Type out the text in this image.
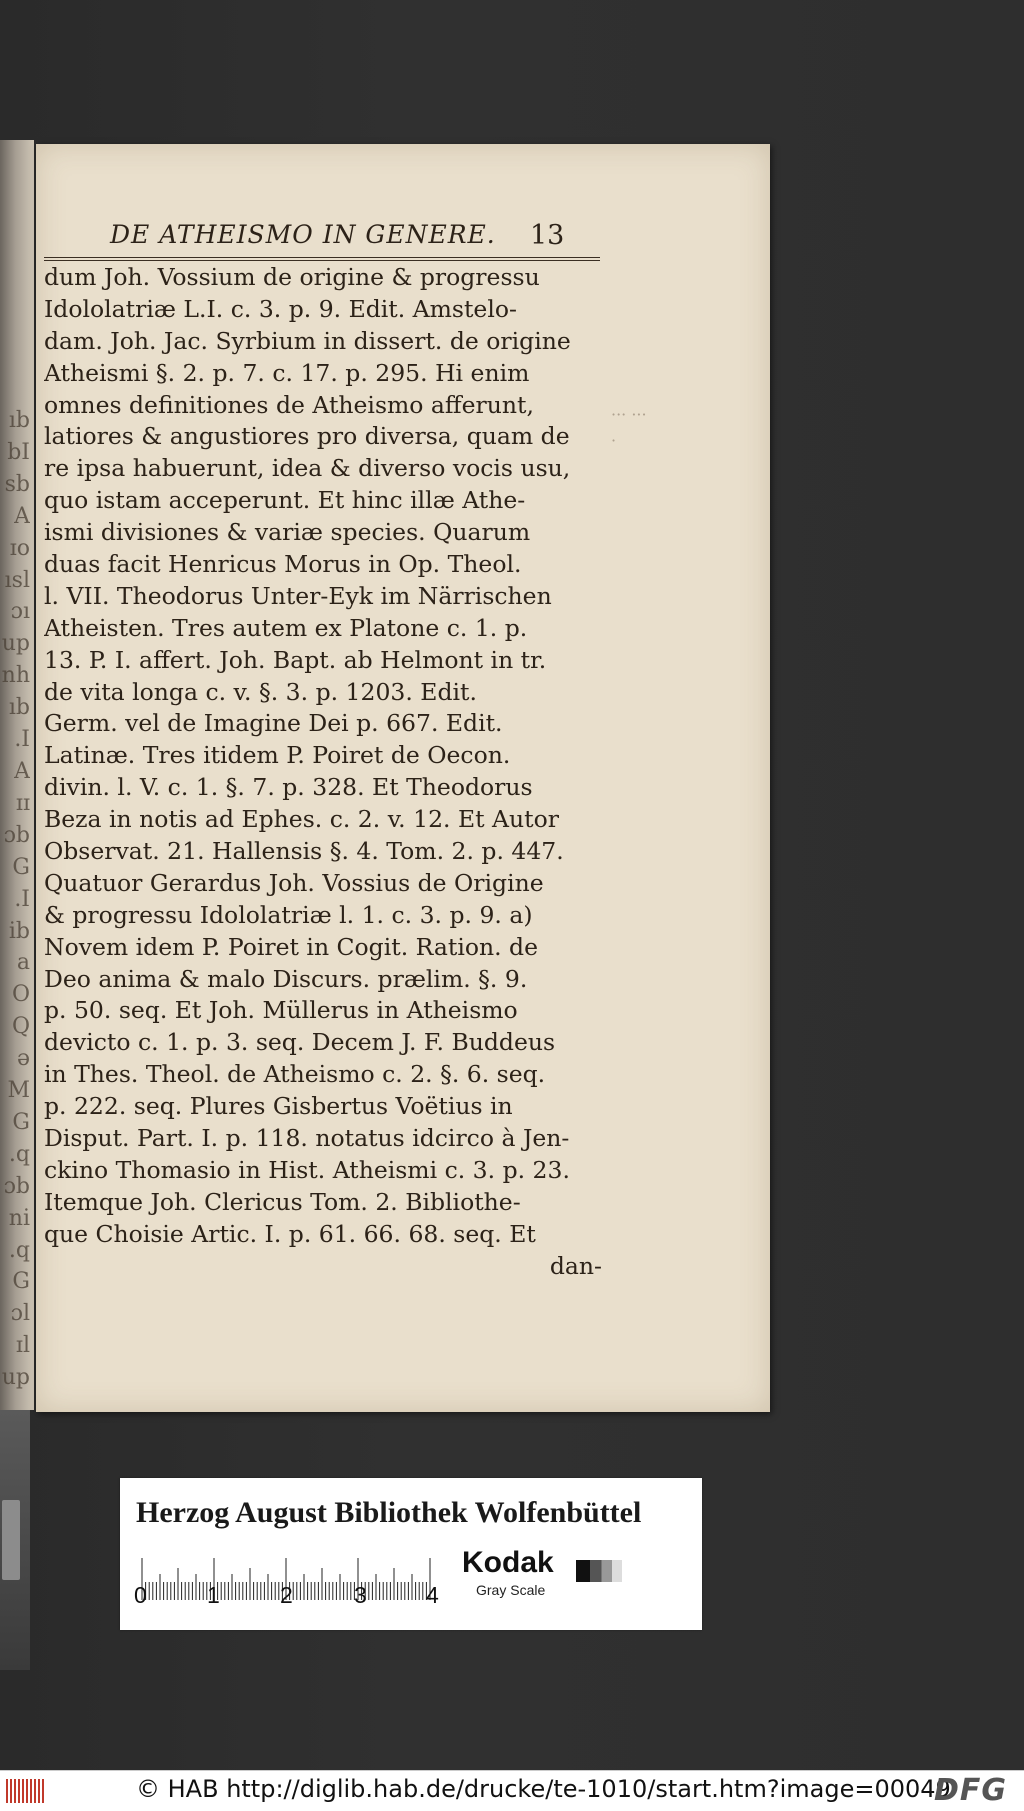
ıb
bI
sb
A
ɪo
ısl
ɔı
up
nh
ıb
.I
A
ɪɪ
ɔb
G
.I
ib
a
O
Q
ə
M
G
.q
ɔb
ni
.q
G
ɔl
ɪl
up
DE ATHEISMO IN GENERE. 13
dum Joh. Vossium de origine & progressu
Idololatriæ L.I. c. 3. p. 9. Edit. Amstelo-
dam. Joh. Jac. Syrbium in dissert. de origine
Atheismi §. 2. p. 7. c. 17. p. 295. Hi enim
omnes definitiones de Atheismo afferunt,
latiores & angustiores pro diversa, quam de
re ipsa habuerunt, idea & diverso vocis usu,
quo istam acceperunt. Et hinc illæ Athe-
ismi divisiones & variæ species. Quarum
duas facit Henricus Morus in Op. Theol.
l. VII. Theodorus Unter-Eyk im Närrischen
Atheisten. Tres autem ex Platone c. 1. p.
13. P. I. affert. Joh. Bapt. ab Helmont in tr.
de vita longa c. v. §. 3. p. 1203. Edit.
Germ. vel de Imagine Dei p. 667. Edit.
Latinæ. Tres itidem P. Poiret de Oecon.
divin. l. V. c. 1. §. 7. p. 328. Et Theodorus
Beza in notis ad Ephes. c. 2. v. 12. Et Autor
Observat. 21. Hallensis §. 4. Tom. 2. p. 447.
Quatuor Gerardus Joh. Vossius de Origine
& progressu Idololatriæ l. 1. c. 3. p. 9. a)
Novem idem P. Poiret in Cogit. Ration. de
Deo anima & malo Discurs. prælim. §. 9.
p. 50. seq. Et Joh. Müllerus in Atheismo
devicto c. 1. p. 3. seq. Decem J. F. Buddeus
in Thes. Theol. de Atheismo c. 2. §. 6. seq.
p. 222. seq. Plures Gisbertus Voëtius in
Disput. Part. I. p. 118. notatus idcirco à Jen-
ckino Thomasio in Hist. Atheismi c. 3. p. 23.
Itemque Joh. Clericus Tom. 2. Bibliothe-
que Choisie Artic. I. p. 61. 66. 68. seq. Et
dan-
··· ···
·
Herzog August Bibliothek Wolfenbüttel
0	1	2	3	4
Kodak
Gray Scale
© HAB http://diglib.hab.de/drucke/te-1010/start.htm?image=00049
DFG
